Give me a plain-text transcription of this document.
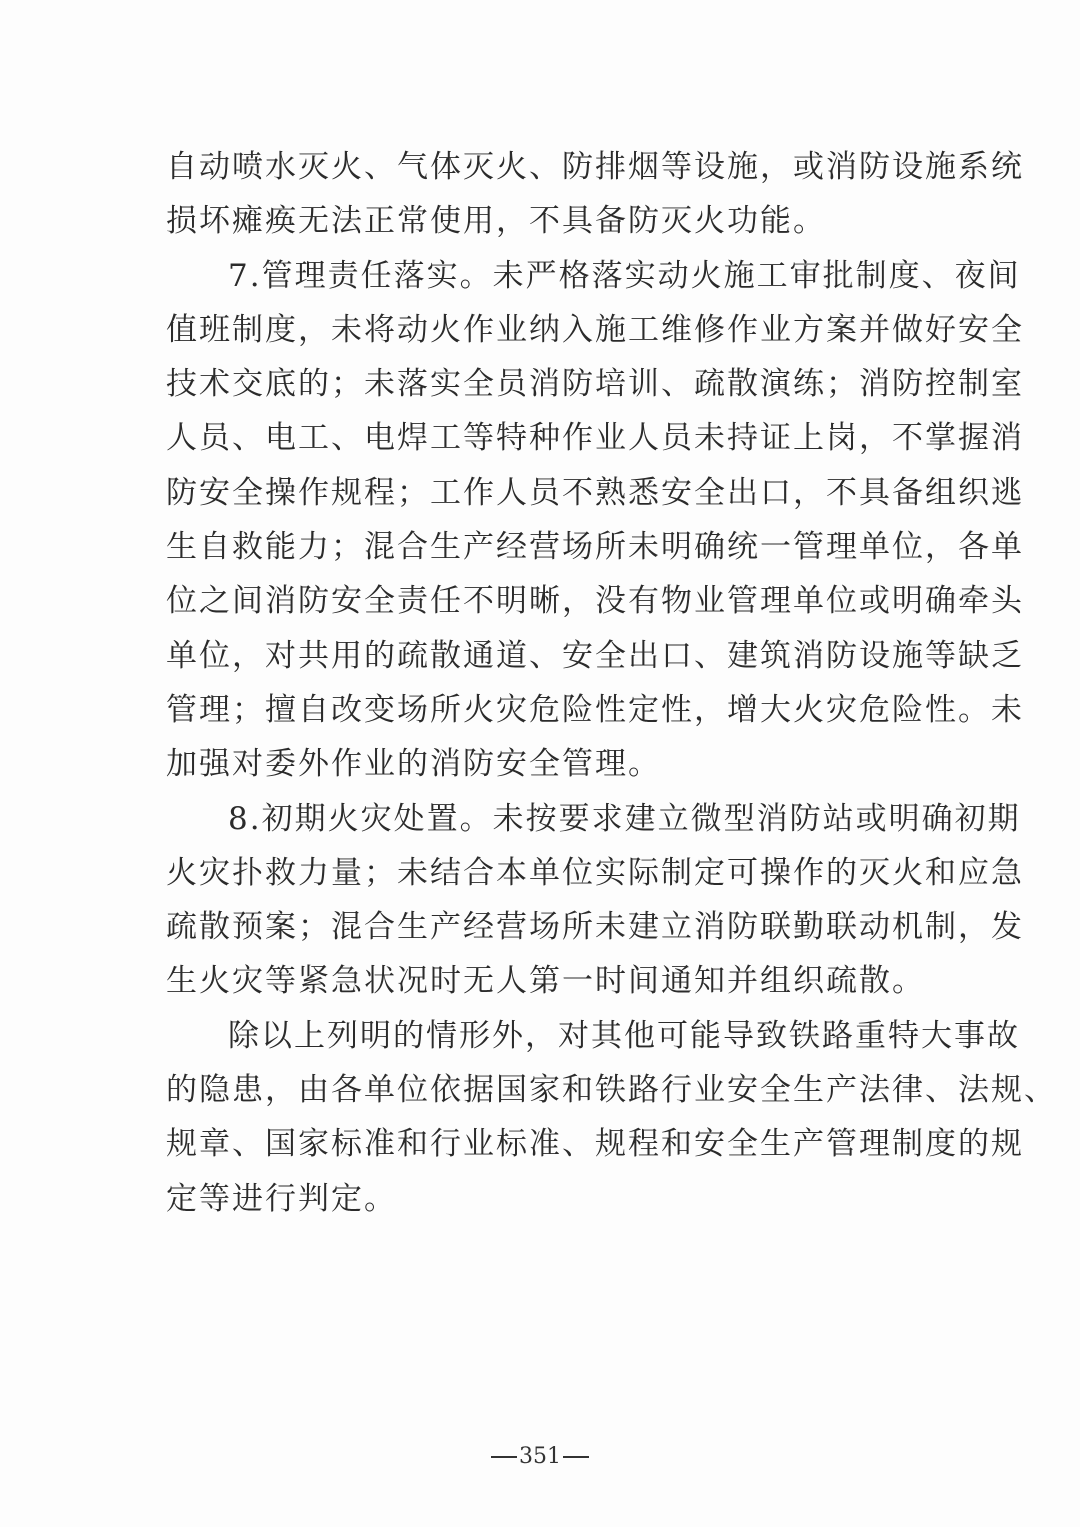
自动喷水灭火、气体灭火、防排烟等设施，或消防设施系统
损坏瘫痪无法正常使用，不具备防灭火功能。
7.管理责任落实。未严格落实动火施工审批制度、夜间
值班制度，未将动火作业纳入施工维修作业方案并做好安全
技术交底的；未落实全员消防培训、疏散演练；消防控制室
人员、电工、电焊工等特种作业人员未持证上岗，不掌握消
防安全操作规程；工作人员不熟悉安全出口，不具备组织逃
生自救能力；混合生产经营场所未明确统一管理单位，各单
位之间消防安全责任不明晰，没有物业管理单位或明确牵头
单位，对共用的疏散通道、安全出口、建筑消防设施等缺乏
管理；擅自改变场所火灾危险性定性，增大火灾危险性。未
加强对委外作业的消防安全管理。
8.初期火灾处置。未按要求建立微型消防站或明确初期
火灾扑救力量；未结合本单位实际制定可操作的灭火和应急
疏散预案；混合生产经营场所未建立消防联勤联动机制，发
生火灾等紧急状况时无人第一时间通知并组织疏散。
除以上列明的情形外，对其他可能导致铁路重特大事故
的隐患，由各单位依据国家和铁路行业安全生产法律、法规、
规章、国家标准和行业标准、规程和安全生产管理制度的规
定等进行判定。
351
